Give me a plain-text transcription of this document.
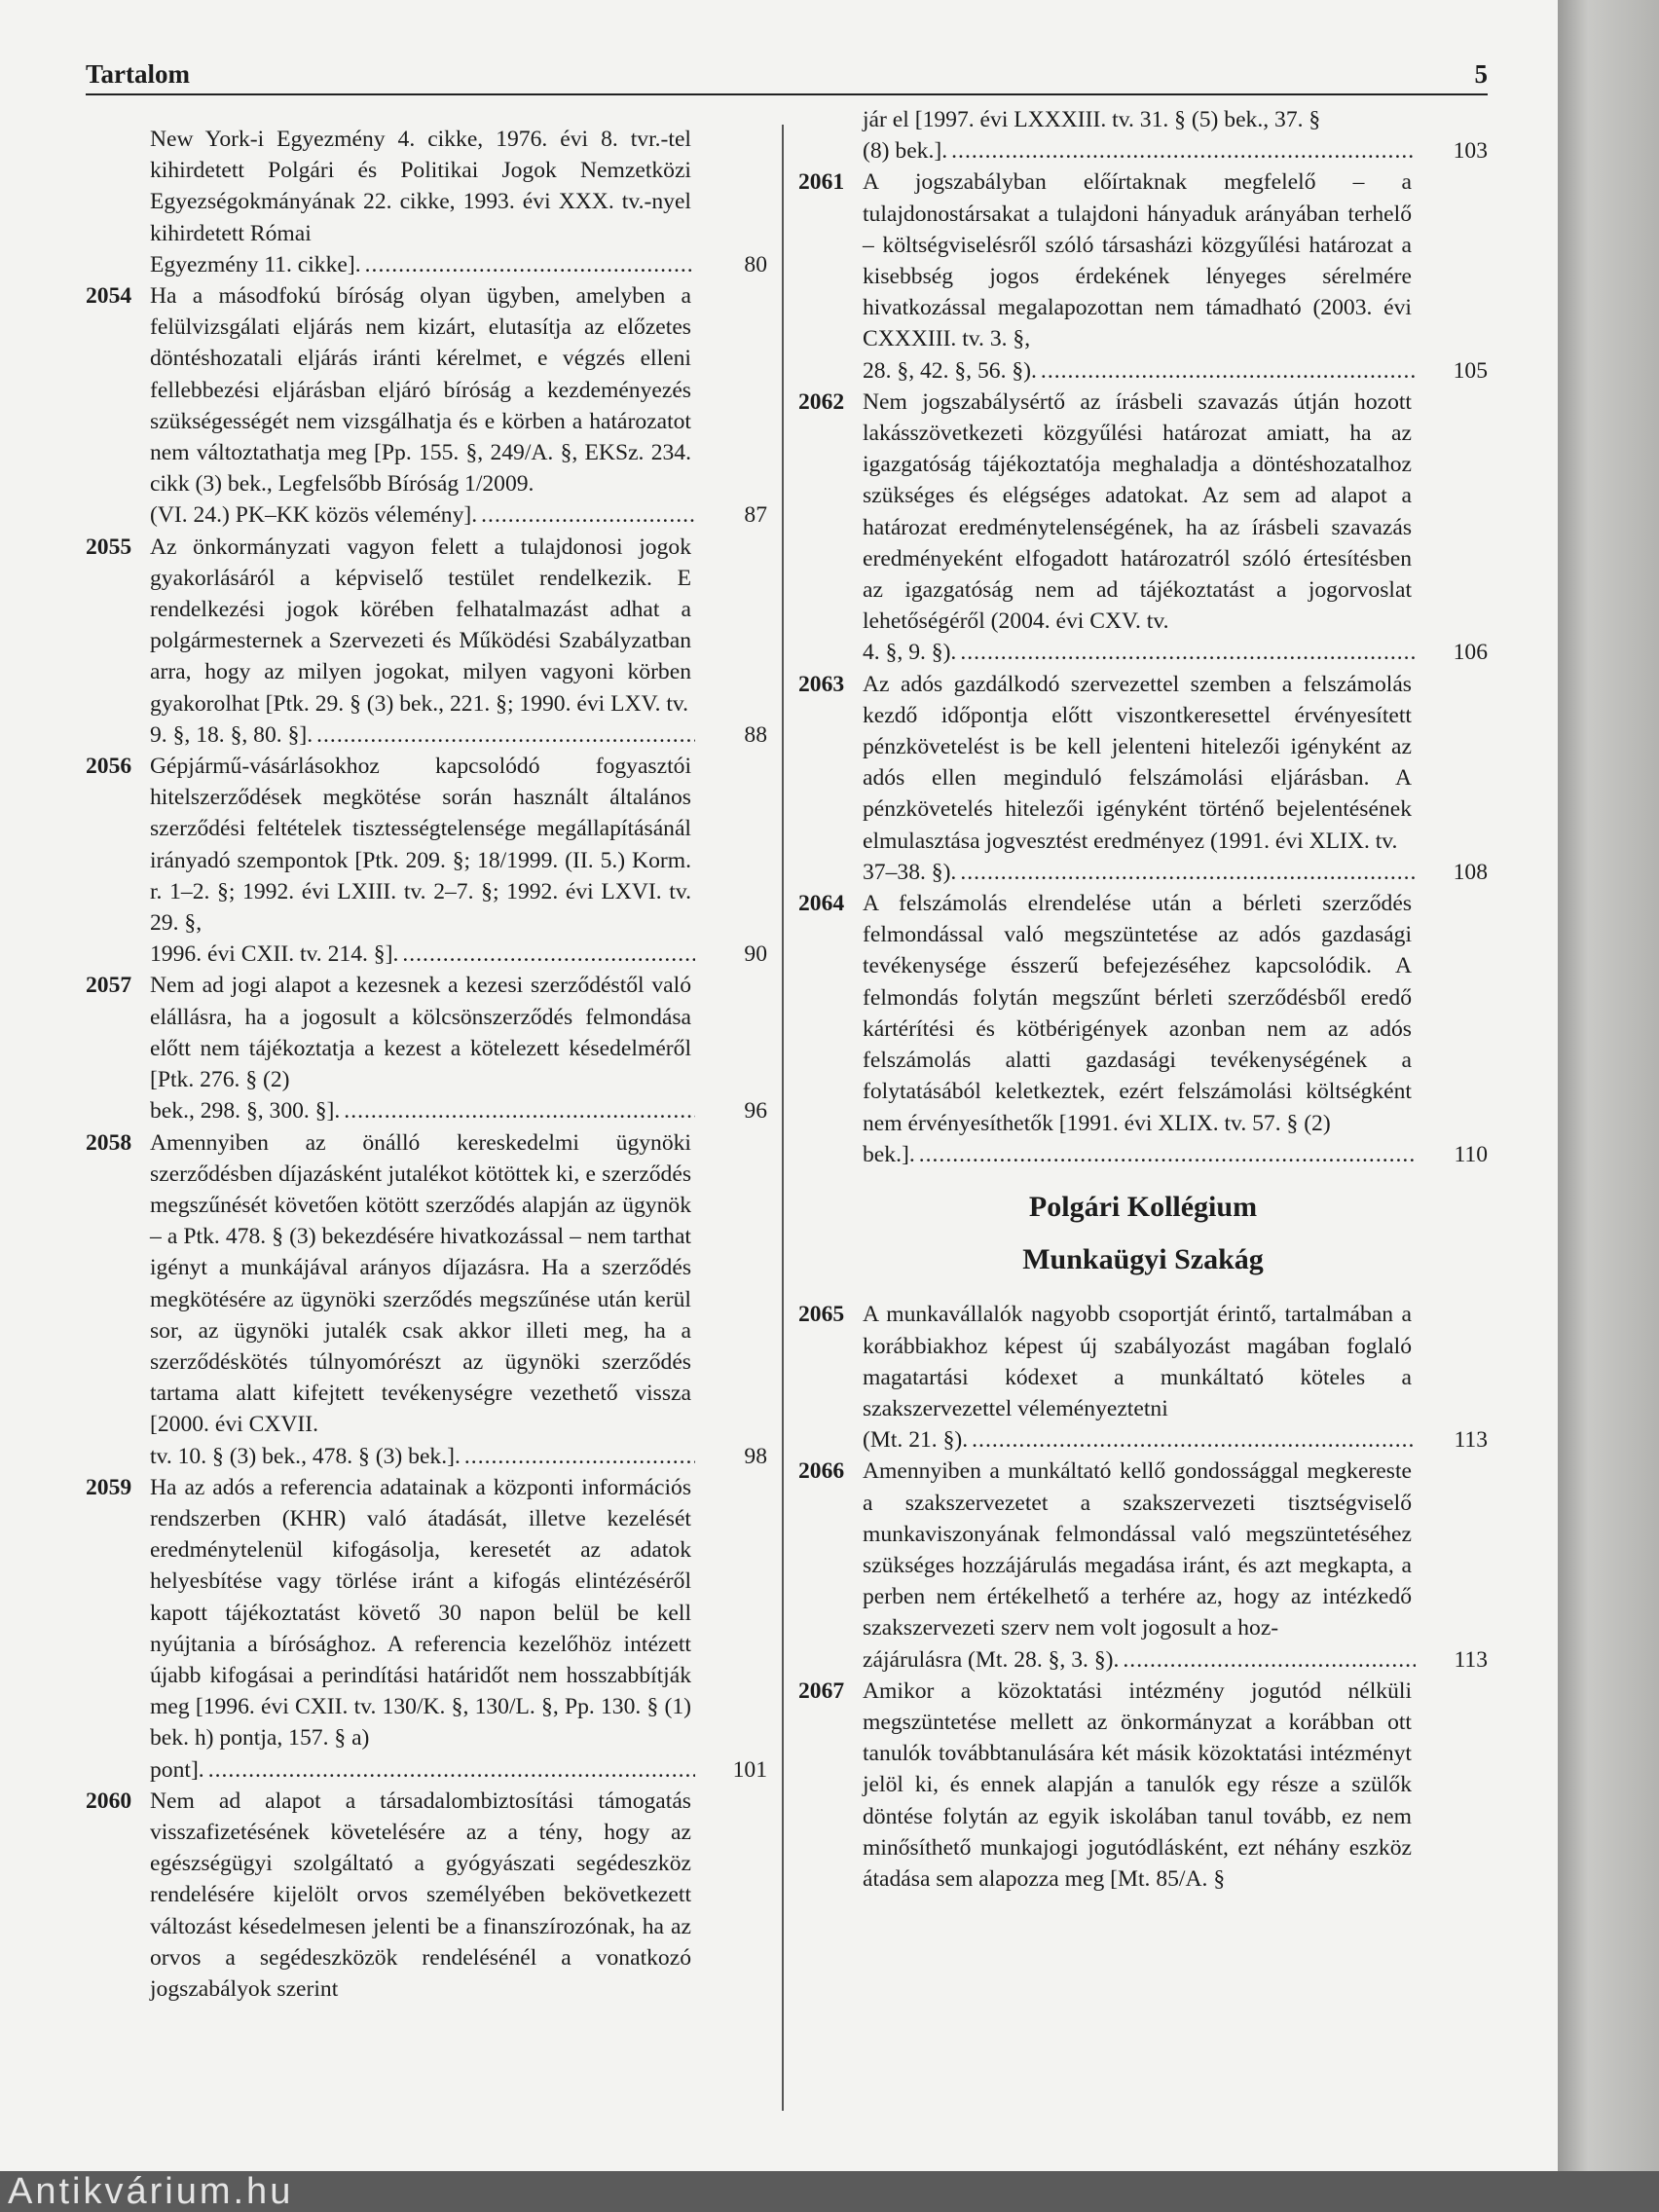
Tartalom	5
New York-i Egyezmény 4. cikke, 1976. évi 8. tvr.-tel kihirdetett Polgári és Politikai Jogok Nemzetközi Egyezségokmányának 22. cikke, 1993. évi XXX. tv.-nyel kihirdetett Római
Egyezmény 11. cikke]. .....	80
2054 Ha a másodfokú bíróság olyan ügyben, amelyben a felülvizsgálati eljárás nem kizárt, elutasítja az előzetes döntéshozatali eljárás iránti kérelmet, e végzés elleni fellebbezési eljárásban eljáró bíróság a kezdeményezés szükségességét nem vizsgálhatja és e körben a határozatot nem változtathatja meg [Pp. 155. §, 249/A. §, EKSz. 234. cikk (3) bek., Legfelsőbb Bíróság 1/2009.
(VI. 24.) PK–KK közös vélemény]. .....	87
2055 Az önkormányzati vagyon felett a tulajdonosi jogok gyakorlásáról a képviselő testület rendelkezik. E rendelkezési jogok körében felhatalmazást adhat a polgármesternek a Szervezeti és Működési Szabályzatban arra, hogy az milyen jogokat, milyen vagyoni körben gyakorolhat [Ptk. 29. § (3) bek., 221. §; 1990. évi LXV. tv.
9. §, 18. §, 80. §]. .....	88
2056 Gépjármű-vásárlásokhoz kapcsolódó fogyasztói hitelszerződések megkötése során használt általános szerződési feltételek tisztességtelensége megállapításánál irányadó szempontok [Ptk. 209. §; 18/1999. (II. 5.) Korm. r. 1–2. §; 1992. évi LXIII. tv. 2–7. §; 1992. évi LXVI. tv. 29. §,
1996. évi CXII. tv. 214. §]. .....	90
2057 Nem ad jogi alapot a kezesnek a kezesi szerződéstől való elállásra, ha a jogosult a kölcsönszerződés felmondása előtt nem tájékoztatja a kezest a kötelezett késedelméről [Ptk. 276. § (2)
bek., 298. §, 300. §]. .....	96
2058 Amennyiben az önálló kereskedelmi ügynöki szerződésben díjazásként jutalékot kötöttek ki, e szerződés megszűnését követően kötött szerződés alapján az ügynök – a Ptk. 478. § (3) bekezdésére hivatkozással – nem tarthat igényt a munkájával arányos díjazásra. Ha a szerződés megkötésére az ügynöki szerződés megszűnése után kerül sor, az ügynöki jutalék csak akkor illeti meg, ha a szerződéskötés túlnyomórészt az ügynöki szerződés tartama alatt kifejtett tevékenységre vezethető vissza [2000. évi CXVII.
tv. 10. § (3) bek., 478. § (3) bek.]. .....	98
2059 Ha az adós a referencia adatainak a központi információs rendszerben (KHR) való átadását, illetve kezelését eredménytelenül kifogásolja, keresetét az adatok helyesbítése vagy törlése iránt a kifogás elintézéséről kapott tájékoztatást követő 30 napon belül be kell nyújtania a bírósághoz. A referencia kezelőhöz intézett újabb kifogásai a perindítási határidőt nem hosszabbítják meg [1996. évi CXII. tv. 130/K. §, 130/L. §, Pp. 130. § (1) bek. h) pontja, 157. § a)
pont]. .....	101
2060 Nem ad alapot a társadalombiztosítási támogatás visszafizetésének követelésére az a tény, hogy az egészségügyi szolgáltató a gyógyászati segédeszköz rendelésére kijelölt orvos személyében bekövetkezett változást késedelmesen jelenti be a finanszírozónak, ha az orvos a segédeszközök rendelésénél a vonatkozó jogszabályok szerint
jár el [1997. évi LXXXIII. tv. 31. § (5) bek., 37. §
(8) bek.]. .....	103
2061 A jogszabályban előírtaknak megfelelő – a tulajdonostársakat a tulajdoni hányaduk arányában terhelő – költségviselésről szóló társasházi közgyűlési határozat a kisebbség jogos érdekének lényeges sérelmére hivatkozással megalapozottan nem támadható (2003. évi CXXXIII. tv. 3. §,
28. §, 42. §, 56. §). .....	105
2062 Nem jogszabálysértő az írásbeli szavazás útján hozott lakásszövetkezeti közgyűlési határozat amiatt, ha az igazgatóság tájékoztatója meghaladja a döntéshozatalhoz szükséges és elégséges adatokat. Az sem ad alapot a határozat eredménytelenségének, ha az írásbeli szavazás eredményeként elfogadott határozatról szóló értesítésben az igazgatóság nem ad tájékoztatást a jogorvoslat lehetőségéről (2004. évi CXV. tv.
4. §, 9. §). .....	106
2063 Az adós gazdálkodó szervezettel szemben a felszámolás kezdő időpontja előtt viszontkeresettel érvényesített pénzkövetelést is be kell jelenteni hitelezői igényként az adós ellen meginduló felszámolási eljárásban. A pénzkövetelés hitelezői igényként történő bejelentésének elmulasztása jogvesztést eredményez (1991. évi XLIX. tv.
37–38. §). .....	108
2064 A felszámolás elrendelése után a bérleti szerződés felmondással való megszüntetése az adós gazdasági tevékenysége ésszerű befejezéséhez kapcsolódik. A felmondás folytán megszűnt bérleti szerződésből eredő kártérítési és kötbérigények azonban nem az adós felszámolás alatti gazdasági tevékenységének a folytatásából keletkeztek, ezért felszámolási költségként nem érvényesíthetők [1991. évi XLIX. tv. 57. § (2)
bek.]. .....	110
Polgári Kollégium
Munkaügyi Szakág
2065 A munkavállalók nagyobb csoportját érintő, tartalmában a korábbiakhoz képest új szabályozást magában foglaló magatartási kódexet a munkáltató köteles a szakszervezettel véleményeztetni
(Mt. 21. §). .....	113
2066 Amennyiben a munkáltató kellő gondossággal megkereste a szakszervezetet a szakszervezeti tisztségviselő munkaviszonyának felmondással való megszüntetéséhez szükséges hozzájárulás megadása iránt, és azt megkapta, a perben nem értékelhető a terhére az, hogy az intézkedő szakszervezeti szerv nem volt jogosult a hoz-
zájárulásra (Mt. 28. §, 3. §). .....	113
2067 Amikor a közoktatási intézmény jogutód nélküli megszüntetése mellett az önkormányzat a korábban ott tanulók továbbtanulására két másik közoktatási intézményt jelöl ki, és ennek alapján a tanulók egy része a szülők döntése folytán az egyik iskolában tanul tovább, ez nem minősíthető munkajogi jogutódlásként, ezt néhány eszköz átadása sem alapozza meg [Mt. 85/A. §
Antikvárium.hu
